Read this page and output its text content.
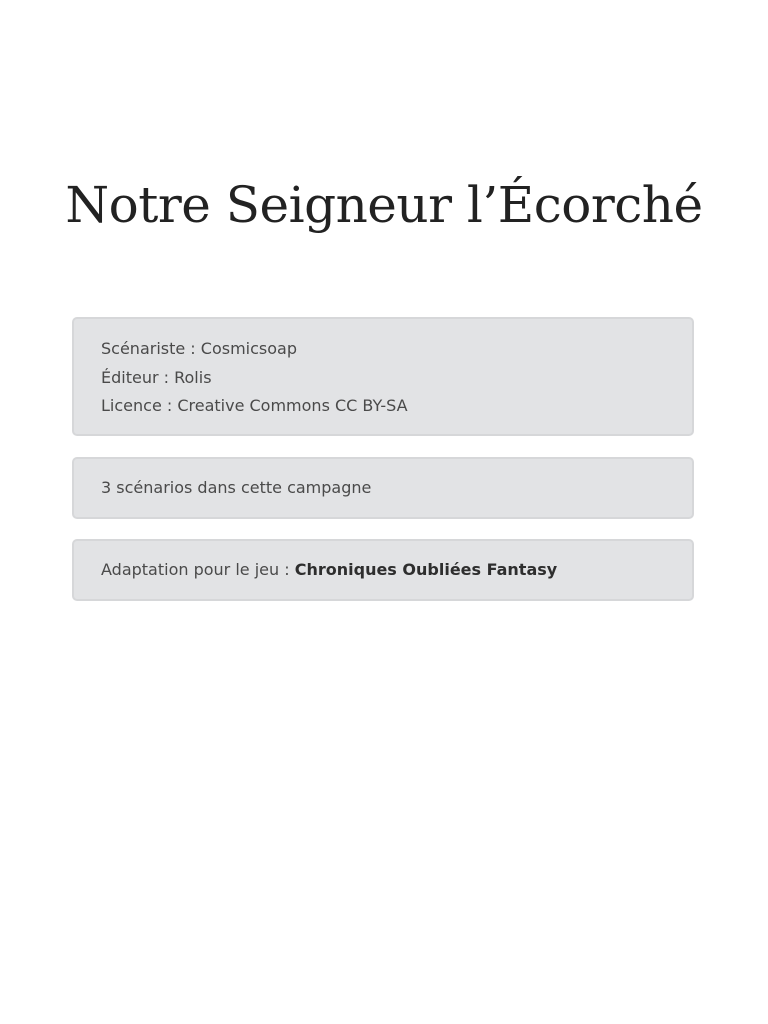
Notre Seigneur l’Écorché
Scénariste : Cosmicsoap
Éditeur : Rolis
Licence : Creative Commons CC BY-SA
3 scénarios dans cette campagne
Adaptation pour le jeu : Chroniques Oubliées Fantasy
